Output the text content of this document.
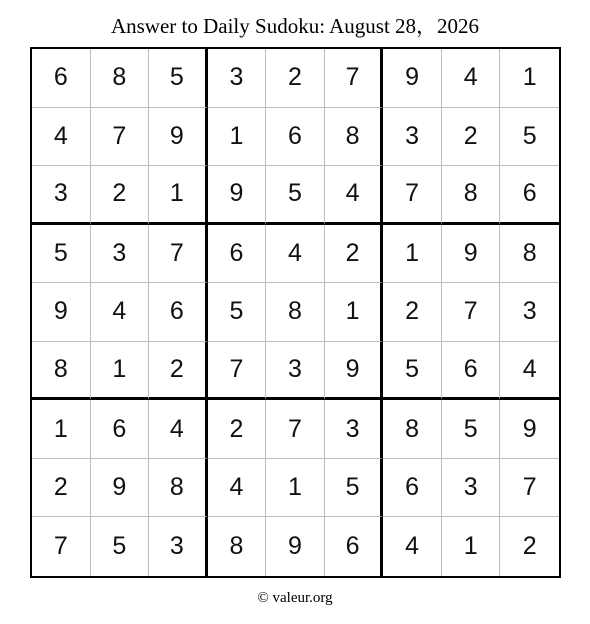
Answer to Daily Sudoku: August 28，2026
6	8	5	3	2	7	9	4	1
4	7	9	1	6	8	3	2	5
3	2	1	9	5	4	7	8	6
5	3	7	6	4	2	1	9	8
9	4	6	5	8	1	2	7	3
8	1	2	7	3	9	5	6	4
1	6	4	2	7	3	8	5	9
2	9	8	4	1	5	6	3	7
7	5	3	8	9	6	4	1	2
© valeur.org
